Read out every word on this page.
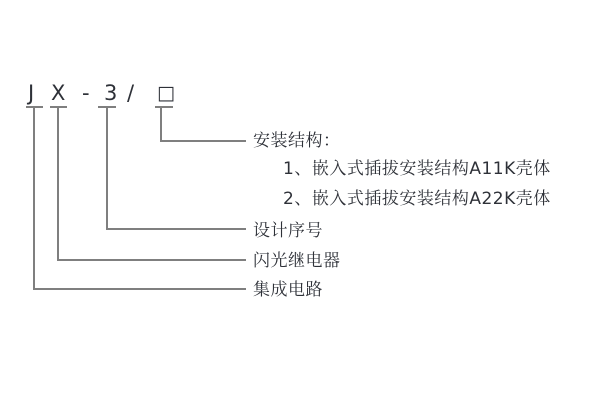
J X - 3 / □
安装结构：
1、嵌入式插拔安装结构A11K壳体
2、嵌入式插拔安装结构A22K壳体
设计序号
闪光继电器
集成电路
